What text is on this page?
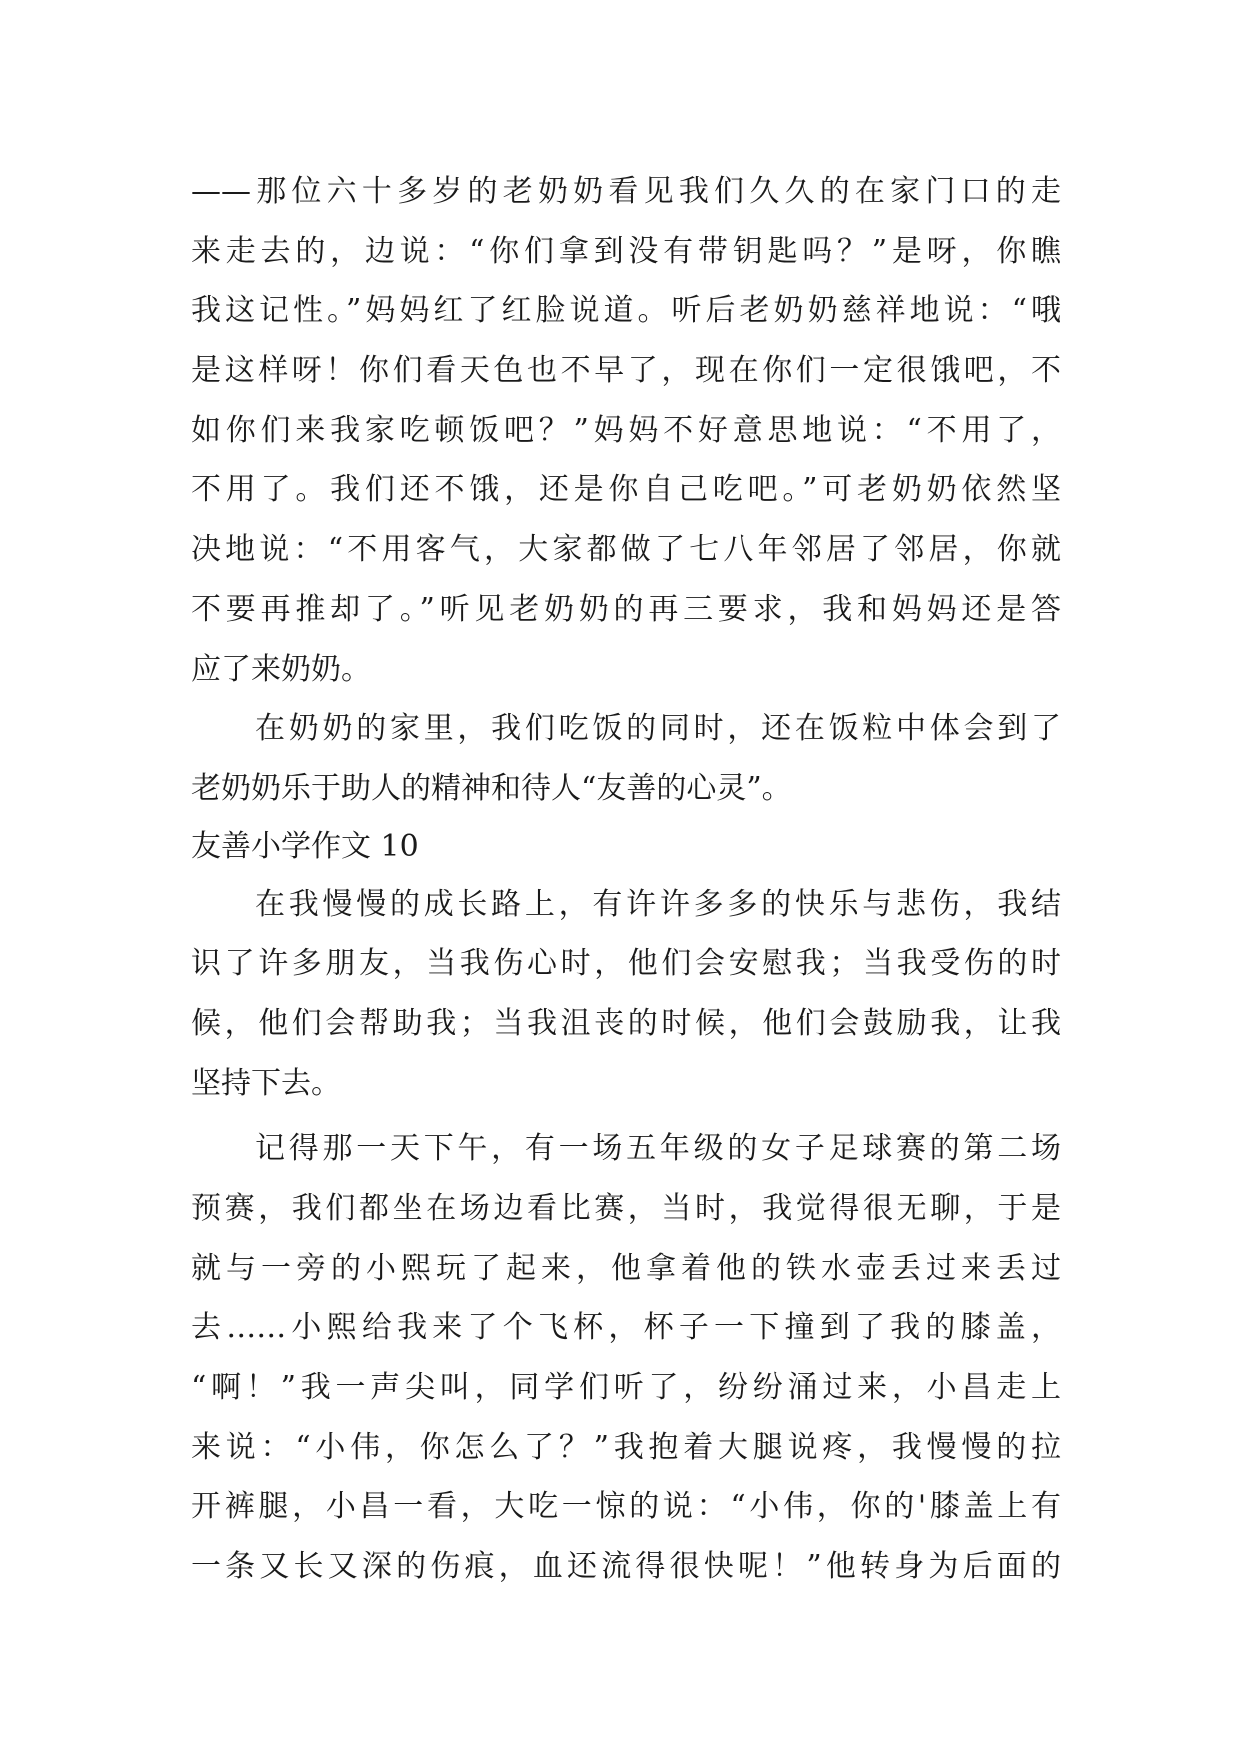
——那位六十多岁的老奶奶看见我们久久的在家门口的走
来走去的，边说：“你们拿到没有带钥匙吗？”是呀，你瞧
我这记性。”妈妈红了红脸说道。听后老奶奶慈祥地说：“哦
是这样呀！你们看天色也不早了，现在你们一定很饿吧，不
如你们来我家吃顿饭吧？”妈妈不好意思地说：“不用了，
不用了。我们还不饿，还是你自己吃吧。”可老奶奶依然坚
决地说：“不用客气，大家都做了七八年邻居了邻居，你就
不要再推却了。”听见老奶奶的再三要求，我和妈妈还是答
应了来奶奶。
在奶奶的家里，我们吃饭的同时，还在饭粒中体会到了
老奶奶乐于助人的精神和待人“友善的心灵”。
友善小学作文 10
在我慢慢的成长路上，有许许多多的快乐与悲伤，我结
识了许多朋友，当我伤心时，他们会安慰我；当我受伤的时
候，他们会帮助我；当我沮丧的时候，他们会鼓励我，让我
坚持下去。
记得那一天下午，有一场五年级的女子足球赛的第二场
预赛，我们都坐在场边看比赛，当时，我觉得很无聊，于是
就与一旁的小熙玩了起来，他拿着他的铁水壶丢过来丢过
去……小熙给我来了个飞杯，杯子一下撞到了我的膝盖，
“啊！”我一声尖叫，同学们听了，纷纷涌过来，小昌走上
来说：“小伟，你怎么了？”我抱着大腿说疼，我慢慢的拉
开裤腿，小昌一看，大吃一惊的说：“小伟，你的'膝盖上有
一条又长又深的伤痕，血还流得很快呢！”他转身为后面的
